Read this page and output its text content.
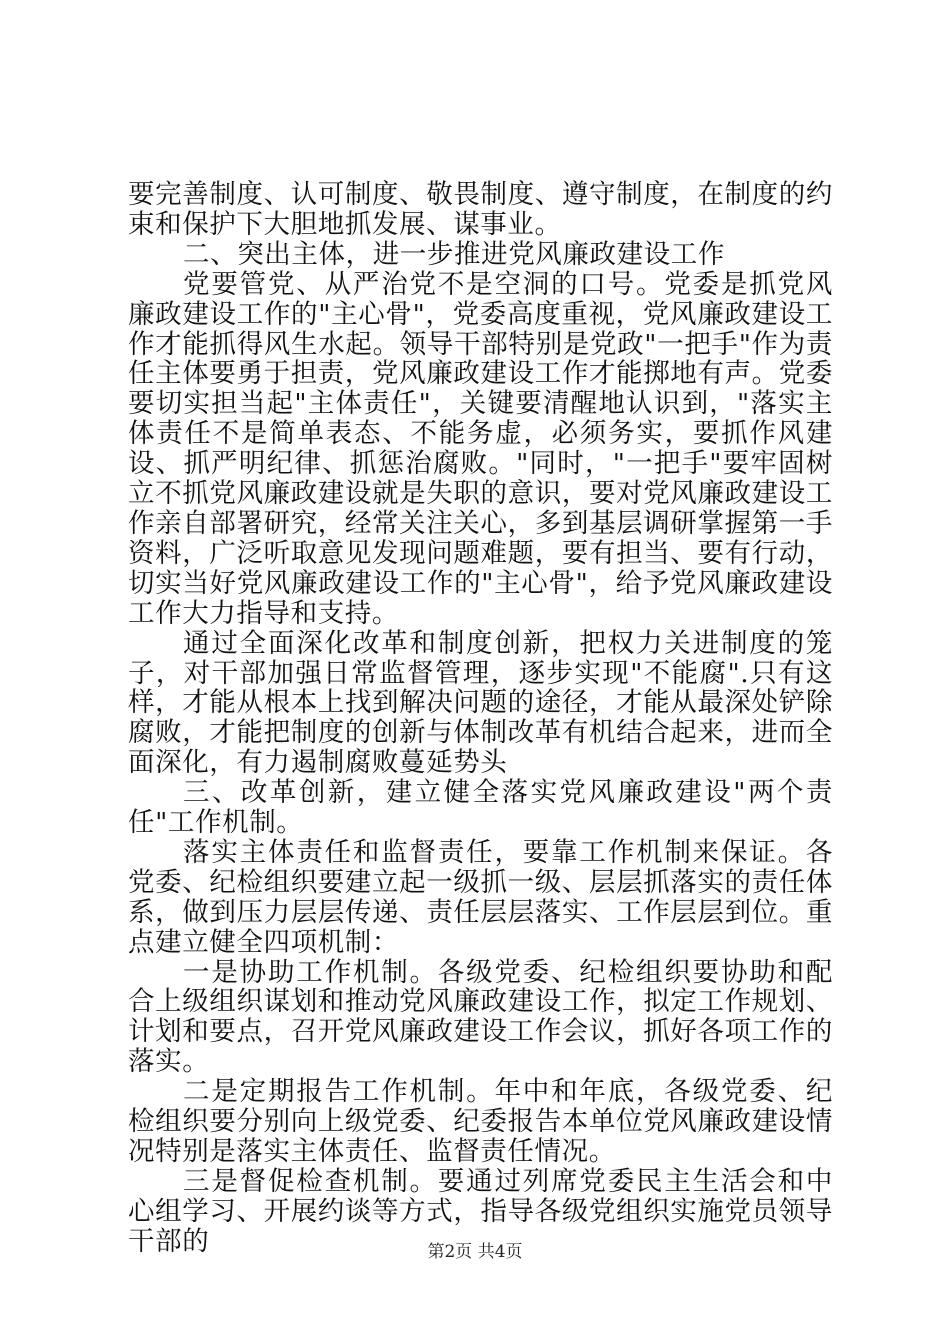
要完善制度、认可制度、敬畏制度、遵守制度，在制度的约束和保护下大胆地抓发展、谋事业。

二、突出主体，进一步推进党风廉政建设工作

党要管党、从严治党不是空洞的口号。党委是抓党风廉政建设工作的"主心骨"，党委高度重视，党风廉政建设工作才能抓得风生水起。领导干部特别是党政"一把手"作为责任主体要勇于担责，党风廉政建设工作才能掷地有声。党委要切实担当起"主体责任"，关键要清醒地认识到，"落实主体责任不是简单表态、不能务虚，必须务实，要抓作风建设、抓严明纪律、抓惩治腐败。"同时，"一把手"要牢固树立不抓党风廉政建设就是失职的意识，要对党风廉政建设工作亲自部署研究，经常关注关心，多到基层调研掌握第一手资料，广泛听取意见发现问题难题，要有担当、要有行动，切实当好党风廉政建设工作的"主心骨"，给予党风廉政建设工作大力指导和支持。

通过全面深化改革和制度创新，把权力关进制度的笼子，对干部加强日常监督管理，逐步实现"不能腐".只有这样，才能从根本上找到解决问题的途径，才能从最深处铲除腐败，才能把制度的创新与体制改革有机结合起来，进而全面深化，有力遏制腐败蔓延势头

三、改革创新，建立健全落实党风廉政建设"两个责任"工作机制。

落实主体责任和监督责任，要靠工作机制来保证。各党委、纪检组织要建立起一级抓一级、层层抓落实的责任体系，做到压力层层传递、责任层层落实、工作层层到位。重点建立健全四项机制：

一是协助工作机制。各级党委、纪检组织要协助和配合上级组织谋划和推动党风廉政建设工作，拟定工作规划、计划和要点，召开党风廉政建设工作会议，抓好各项工作的落实。

二是定期报告工作机制。年中和年底，各级党委、纪检组织要分别向上级党委、纪委报告本单位党风廉政建设情况特别是落实主体责任、监督责任情况。

三是督促检查机制。要通过列席党委民主生活会和中心组学习、开展约谈等方式，指导各级党组织实施党员领导干部的	第2页 共4页
